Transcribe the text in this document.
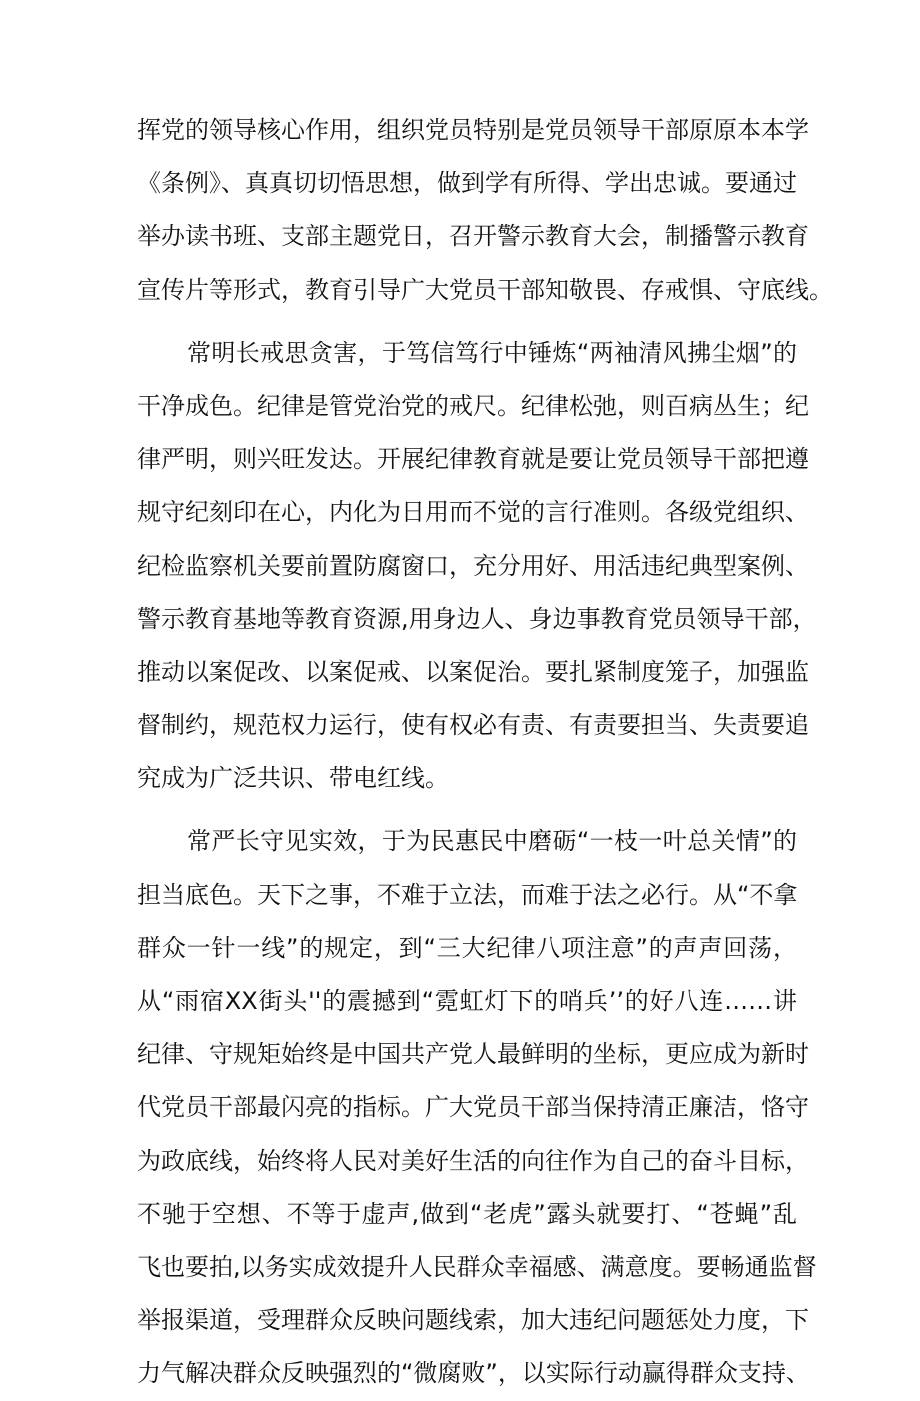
挥党的领导核心作用，组织党员特别是党员领导干部原原本本学
《条例》、真真切切悟思想，做到学有所得、学出忠诚。要通过
举办读书班、支部主题党日，召开警示教育大会，制播警示教育
宣传片等形式，教育引导广大党员干部知敬畏、存戒惧、守底线。
常明长戒思贪害，于笃信笃行中锤炼“两袖清风拂尘烟”的
干净成色。纪律是管党治党的戒尺。纪律松弛，则百病丛生；纪
律严明，则兴旺发达。开展纪律教育就是要让党员领导干部把遵
规守纪刻印在心，内化为日用而不觉的言行准则。各级党组织、
纪检监察机关要前置防腐窗口，充分用好、用活违纪典型案例、
警示教育基地等教育资源,用身边人、身边事教育党员领导干部，
推动以案促改、以案促戒、以案促治。要扎紧制度笼子，加强监
督制约，规范权力运行，使有权必有责、有责要担当、失责要追
究成为广泛共识、带电红线。
常严长守见实效，于为民惠民中磨砺“一枝一叶总关情”的
担当底色。天下之事，不难于立法，而难于法之必行。从“不拿
群众一针一线”的规定，到“三大纪律八项注意”的声声回荡，
从“雨宿XX街头''的震撼到“霓虹灯下的哨兵’’的好八连……讲
纪律、守规矩始终是中国共产党人最鲜明的坐标，更应成为新时
代党员干部最闪亮的指标。广大党员干部当保持清正廉洁，恪守
为政底线，始终将人民对美好生活的向往作为自己的奋斗目标，
不驰于空想、不等于虚声,做到“老虎”露头就要打、“苍蝇”乱
飞也要拍,以务实成效提升人民群众幸福感、满意度。要畅通监督
举报渠道，受理群众反映问题线索，加大违纪问题惩处力度，下
力气解决群众反映强烈的“微腐败”，以实际行动赢得群众支持、
